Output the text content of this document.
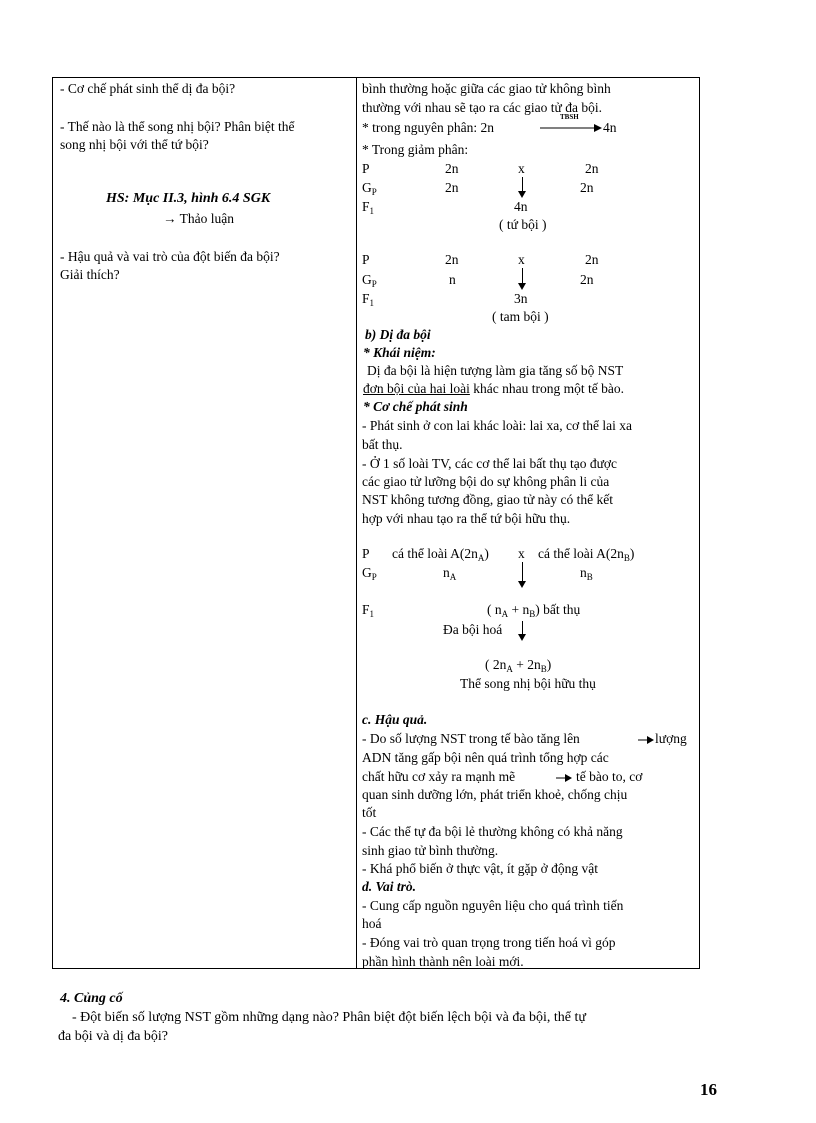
- Cơ chế phát sinh thể dị đa bội?
- Thế nào là thể song nhị bội? Phân biệt thể
song nhị bội với thể tứ bội?
HS: Mục II.3, hình 6.4 SGK
→ Thảo luận
- Hậu quả và vai trò của đột biến đa bội?
Giải thích?
bình thường hoặc giữa các giao tử không bình
thường với nhau sẽ tạo ra các giao tử đa bội.
* trong nguyên phân: 2n
TBSH
4n
* Trong giảm phân:
P	2n	x	2n
$G_P$	2n	2n
$F_1$	4n
( tứ bội )
P	2n	x	2n
$G_P$	n	2n
$F_1$	3n
( tam bội )
b) Dị đa bội
* Khái niệm:
Dị đa bội là hiện tượng làm gia tăng số bộ NST
đơn bội của hai loài khác nhau trong một tế bào.
* Cơ chế phát sinh
- Phát sinh ở con lai khác loài: lai xa, cơ thể lai xa
bất thụ.
- Ở 1 số loài TV, các cơ thể lai bất thụ tạo được
các giao tử lưỡng bội do sự không phân li của
NST không tương đồng, giao tử này có thể kết
hợp với nhau tạo ra thể tứ bội hữu thụ.
P cá thể loài $A(2n_A)$ x cá thể loài $A(2n_B)$
$G_P$	$n_A$	$n_B$
$F_1$	( $n_A + n_B$) bất thụ
Đa bội hoá
( $2n_A + 2n_B$)
Thể song nhị bội hữu thụ
c. Hậu quả.
- Do số lượng NST trong tế bào tăng lên	lượng
ADN tăng gấp bội nên quá trình tổng hợp các
chất hữu cơ xảy ra mạnh mẽ	tế bào to, cơ
quan sinh dưỡng lớn, phát triển khoẻ, chống chịu
tốt
- Các thể tự đa bội lẻ thường không có khả năng
sinh giao tử bình thường.
- Khá phổ biến ở thực vật, ít gặp ở động vật
d. Vai trò.
- Cung cấp nguồn nguyên liệu cho quá trình tiến
hoá
- Đóng vai trò quan trọng trong tiến hoá vì góp
phần hình thành nên loài mới.
4. Củng cố
- Đột biến số lượng NST gồm những dạng nào? Phân biệt đột biến lệch bội và đa bội, thể tự
đa bội và dị đa bội?
16
